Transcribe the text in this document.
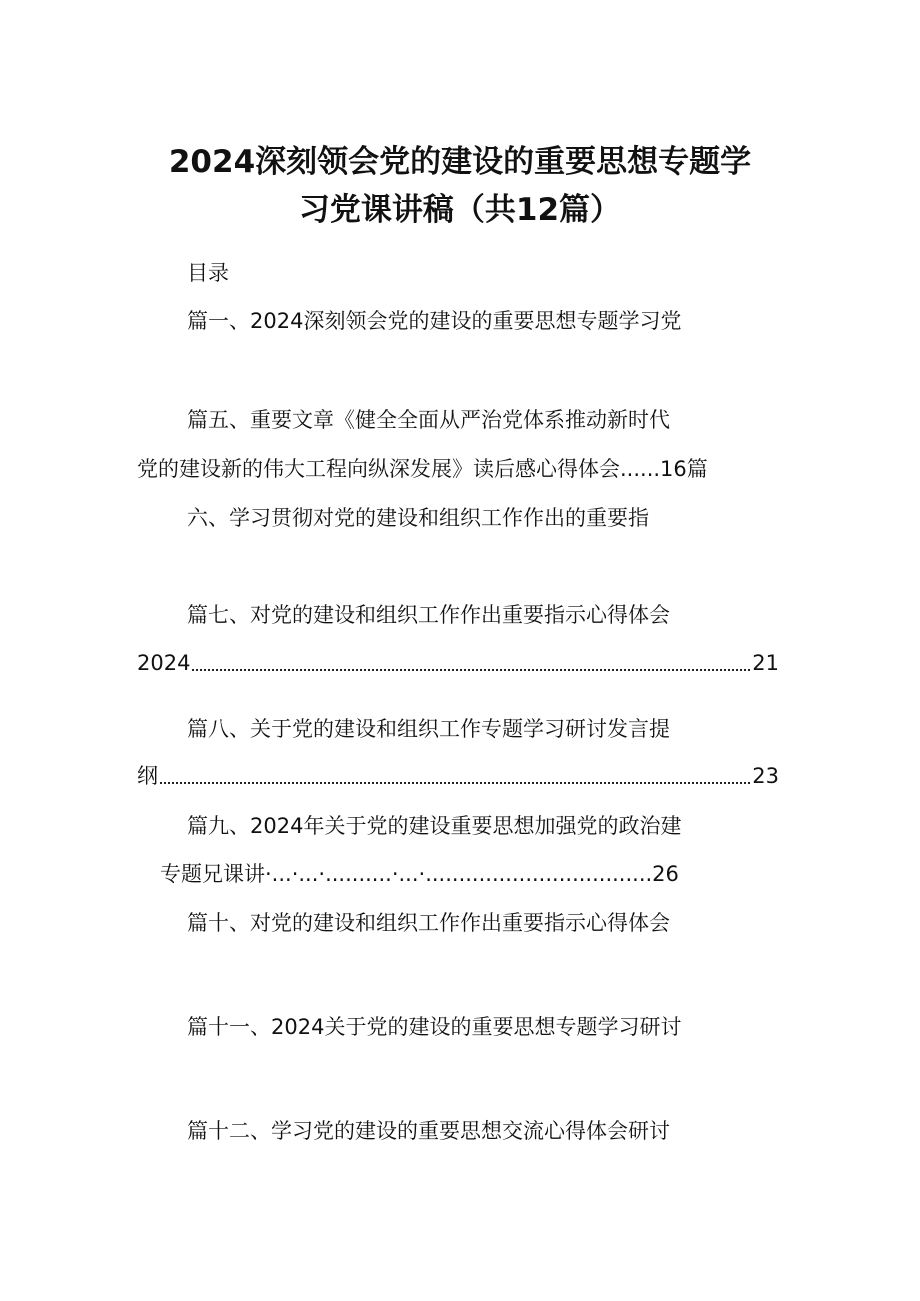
2024深刻领会党的建设的重要思想专题学
习党课讲稿（共12篇）
目录
篇一、2024深刻领会党的建设的重要思想专题学习党
篇五、重要文章《健全全面从严治党体系推动新时代
党的建设新的伟大工程向纵深发展》读后感心得体会......16篇
六、学习贯彻对党的建设和组织工作作出的重要指
篇七、对党的建设和组织工作作出重要指示心得体会
2024	21
篇八、关于党的建设和组织工作专题学习研讨发言提
纲	23
篇九、2024年关于党的建设重要思想加强党的政治建
专题兄课讲·...·...·..........·...·..................................26
篇十、对党的建设和组织工作作出重要指示心得体会
篇十一、2024关于党的建设的重要思想专题学习研讨
篇十二、学习党的建设的重要思想交流心得体会研讨
